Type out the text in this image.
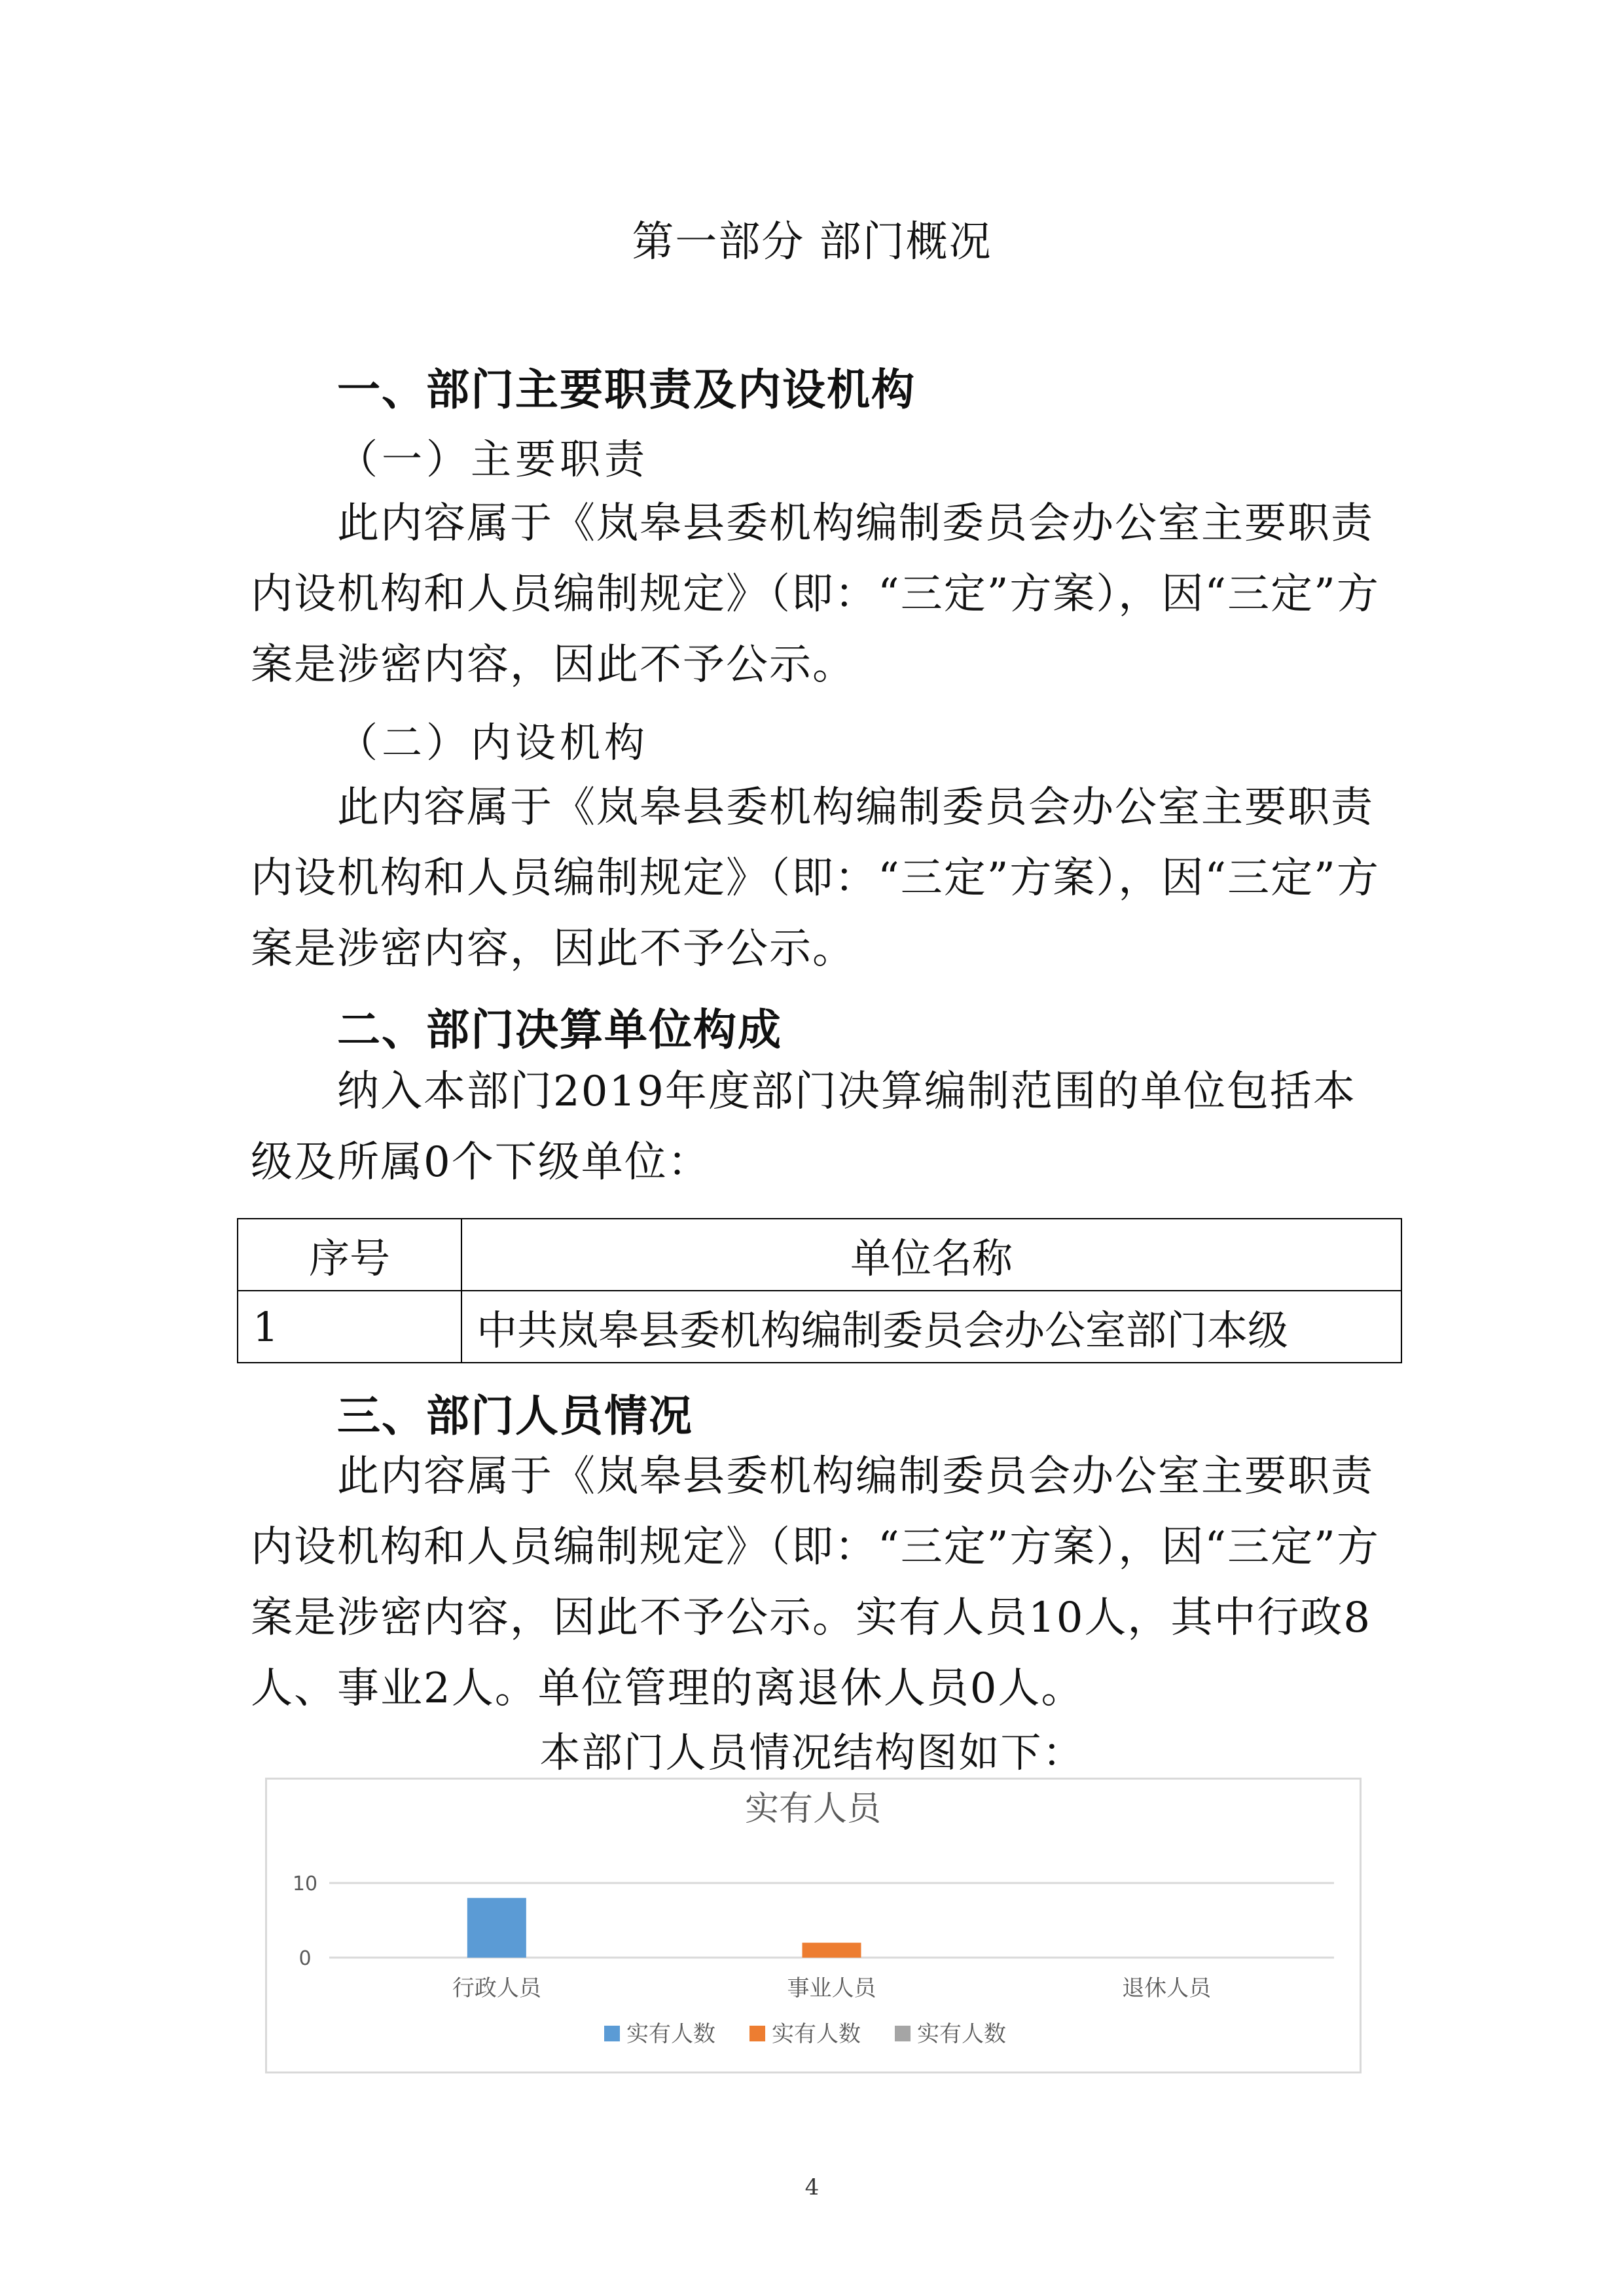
第一部分 部门概况
一、部门主要职责及内设机构
（一）主要职责

此内容属于《岚皋县委机构编制委员会办公室主要职责内设机构和人员编制规定》（即：“三定”方案），因“三定”方案是涉密内容，因此不予公示。

（二）内设机构

此内容属于《岚皋县委机构编制委员会办公室主要职责内设机构和人员编制规定》（即：“三定”方案），因“三定”方案是涉密内容，因此不予公示。

二、部门决算单位构成

纳入本部门2019年度部门决算编制范围的单位包括本级及所属0个下级单位：

序号	单位名称
1	中共岚皋县委机构编制委员会办公室部门本级
三、部门人员情况

此内容属于《岚皋县委机构编制委员会办公室主要职责内设机构和人员编制规定》（即：“三定”方案），因“三定”方案是涉密内容，因此不予公示。实有人员10人，其中行政8人、事业2人。单位管理的离退休人员0人。

本部门人员情况结构图如下：
实有人员
0
10
行政人员	事业人员	退休人员
实有人数	实有人数	实有人数
4
